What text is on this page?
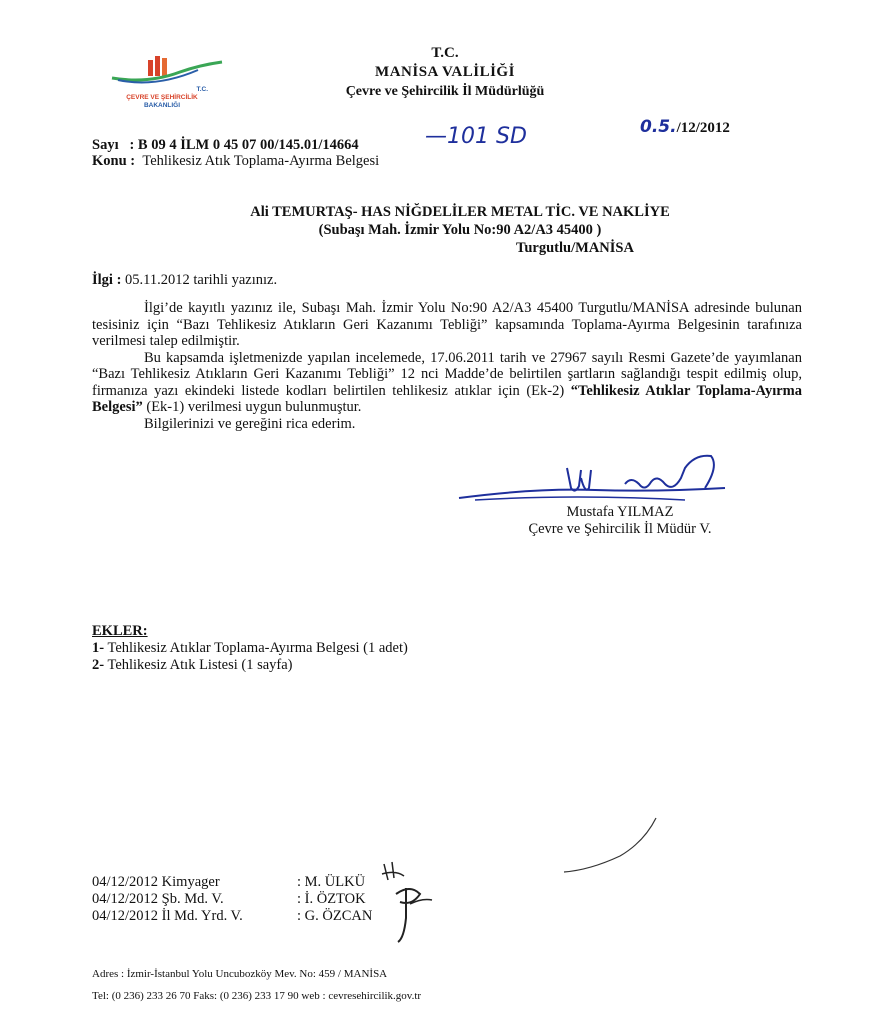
T.C.
ÇEVRE VE ŞEHİRCİLİK
BAKANLIĞI
T.C.
MANİSA VALİLİĞİ
Çevre ve Şehircilik İl Müdürlüğü
Sayı : B 09 4 İLM 0 45 07 00/145.01/14664	—101 SD	0.5./12/2012
Konu : Tehlikesiz Atık Toplama-Ayırma Belgesi
Ali TEMURTAŞ- HAS NİĞDELİLER METAL TİC. VE NAKLİYE
(Subaşı Mah. İzmir Yolu No:90 A2/A3 45400 )
Turgutlu/MANİSA
İlgi : 05.11.2012 tarihli yazınız.

İlgi’de kayıtlı yazınız ile, Subaşı Mah. İzmir Yolu No:90 A2/A3 45400 Turgutlu/MANİSA adresinde bulunan tesisiniz için “Bazı Tehlikesiz Atıkların Geri Kazanımı Tebliği” kapsamında Toplama-Ayırma Belgesinin tarafınıza verilmesi talep edilmiştir.

Bu kapsamda işletmenizde yapılan incelemede, 17.06.2011 tarih ve 27967 sayılı Resmi Gazete’de yayımlanan “Bazı Tehlikesiz Atıkların Geri Kazanımı Tebliği” 12 nci Madde’de belirtilen şartların sağlandığı tespit edilmiş olup, firmanıza yazı ekindeki listede kodları belirtilen tehlikesiz atıklar için (Ek-2) “Tehlikesiz Atıklar Toplama-Ayırma Belgesi” (Ek-1) verilmesi uygun bulunmuştur.

Bilgilerinizi ve gereğini rica ederim.

Mustafa YILMAZ
Çevre ve Şehircilik İl Müdür V.
EKLER:
1- Tehlikesiz Atıklar Toplama-Ayırma Belgesi (1 adet)
2- Tehlikesiz Atık Listesi (1 sayfa)
04/12/2012 Kimyager	: M. ÜLKÜ
04/12/2012 Şb. Md. V.	: İ. ÖZTOK
04/12/2012 İl Md. Yrd. V.	: G. ÖZCAN
Adres : İzmir-İstanbul Yolu Uncubozköy Mev. No: 459 / MANİSA
Tel: (0 236) 233 26 70 Faks: (0 236) 233 17 90 web : cevresehircilik.gov.tr
